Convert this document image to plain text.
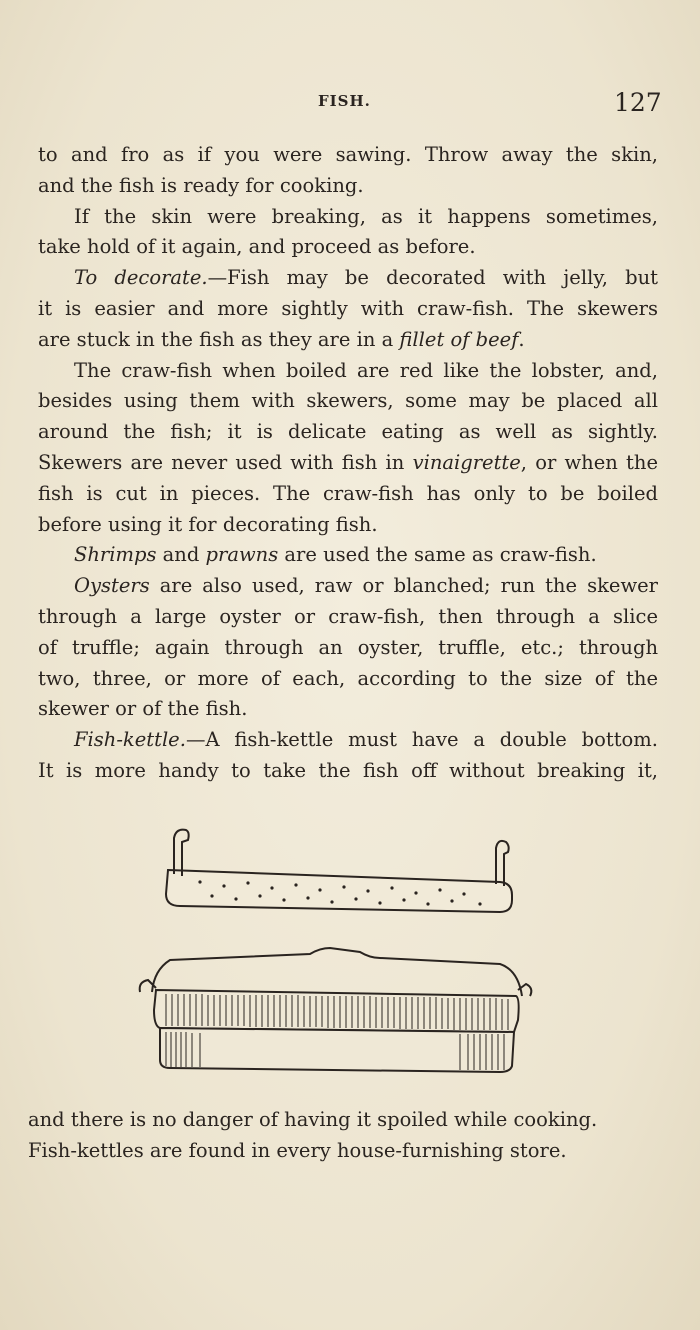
FISH.	127
to and fro as if you were sawing. Throw away the skin,
and the fish is ready for cooking.
If the skin were breaking, as it happens sometimes,
take hold of it again, and proceed as before.
To decorate.—Fish may be decorated with jelly, but
it is easier and more sightly with craw-fish. The skewers
are stuck in the fish as they are in a fillet of beef.
The craw-fish when boiled are red like the lobster, and,
besides using them with skewers, some may be placed all
around the fish; it is delicate eating as well as sightly.
Skewers are never used with fish in vinaigrette, or when the
fish is cut in pieces. The craw-fish has only to be boiled
before using it for decorating fish.
Shrimps and prawns are used the same as craw-fish.
Oysters are also used, raw or blanched; run the skewer
through a large oyster or craw-fish, then through a slice
of truffle; again through an oyster, truffle, etc.; through
two, three, or more of each, according to the size of the
skewer or of the fish.
Fish-kettle.—A fish-kettle must have a double bottom.
It is more handy to take the fish off without breaking it,
and there is no danger of having it spoiled while cooking.
Fish-kettles are found in every house-furnishing store.
